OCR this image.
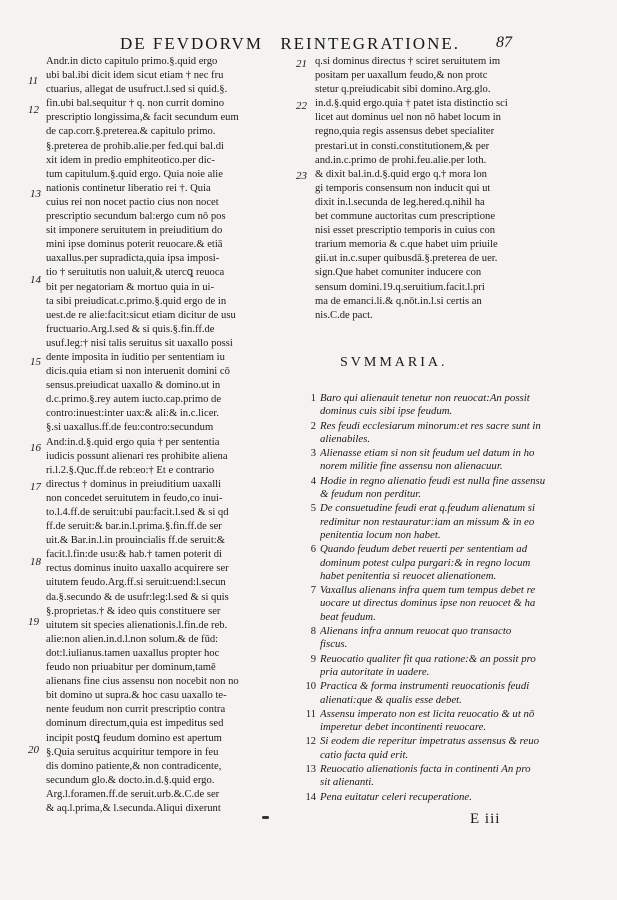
DE FEVDORVM REINTEGRATIONE. 87
Andr.in dicto capitulo primo.§.quid ergo
ubi bal.ibi dicit idem sicut etiam † nec fru
ctuarius, allegat de usufruct.l.sed si quid.§.
fin.ubi bal.sequitur † q. non currit domino
prescriptio longissima,& facit secundum eum
de cap.corr.§.preterea.& capitulo primo.
§.preterea de prohib.alie.per fed.qui bal.di
xit idem in predio emphiteotico.per dic-
tum capitulum.§.quid ergo. Quia noie alie
nationis continetur liberatio rei †. Quia
cuius rei non nocet pactio cius non nocet
prescriptio secundum bal:ergo cum nō pos
sit imponere seruitutem in preiuditium do
mini ipse dominus poterit reuocare.& etiā
uaxallus.per supradicta,quia ipsa imposi-
tio † seruitutis non ualuit,& utercꝗ reuoca
bit per negatoriam & mortuo quia in ui-
ta sibi preiudicat.c.primo.§.quid ergo de in
uest.de re alie:facit:sicut etiam dicitur de usu
fructuario.Arg.l.sed & si quis.§.fin.ff.de
usuf.leg:† nisi talis seruitus sit uaxallo possi
dente imposita in iuditio per sententiam iu
dicis.quia etiam si non interuenit domini cō
sensus.preiudicat uaxallo & domino.ut in
d.c.primo.§.rey autem iucto.cap.primo de
contro:inuest:inter uax:& ali:& in.c.licer.
§.si uaxallus.ff.de feu:contro:secundum
And:in.d.§.quid ergo quia † per sententia
iudicis possunt alienari res prohibite aliena
ri.l.2.§.Quc.ff.de reb:eo:† Et e contrario
directus † dominus in preiuditium uaxalli
non concedet seruitutem in feudo,co inui-
to.l.4.ff.de seruit:ubi pau:facit.l.sed & si qd
ff.de seruit:& bar.in.l.prima.§.fin.ff.de ser
uit.& Bar.in.l.in prouincialis ff.de seruit:&
facit.l.fin:de usu:& hab.† tamen poterit di
rectus dominus inuito uaxallo acquirere ser
uitutem feudo.Arg.ff.si seruit:uend:l.secun
da.§.secundo & de usufr:leg:l.sed & si quis
§.proprietas.† & ideo quis constituere ser
uitutem sit species alienationis.l.fin.de reb.
alie:non alien.in.d.l.non solum.& de fūd:
dot:l.iulianus.tamen uaxallus propter hoc
feudo non priuabitur per dominum,tamē
alienans fine cius assensu non nocebit non no
bit domino ut supra.& hoc casu uaxallo te-
nente feudum non currit prescriptio contra
dominum directum,quia est impeditus sed
incipit postꝗ feudum domino est apertum
§.Quia seruitus acquiritur tempore in feu
dis domino patiente,& non contradicente,
secundum glo.& docto.in.d.§.quid ergo.
Arg.l.foramen.ff.de seruit.urb.&.C.de ser
& aq.l.prima,& l.secunda.Aliqui dixerunt
q.si dominus directus † sciret seruitutem im
positam per uaxallum feudo,& non protc
stetur q.preiudicabit sibi domino.Arg.glo.
in.d.§.quid ergo.quia † patet ista distinctio sci
licet aut dominus uel non nō habet locum in
regno,quia regis assensus debet specialiter
prestari.ut in consti.constitutionem,& per
and.in.c.primo de prohi.feu.alie.per loth.
& dixit bal.in.d.§.quid ergo q.† mora lon
gi temporis consensum non inducit qui ut
dixit in.l.secunda de leg.hered.q.nihil ha
bet commune auctoritas cum prescriptione
nisi esset prescriptio temporis in cuius con
trarium memoria & c.que habet uim priuile
gii.ut in.c.super quibusdā.§.preterea de uer.
sign.Que habet comuniter inducere con
sensum domini.19.q.seruitium.facit.l.pri
ma de emanci.li.& q.nōt.in.l.si certis an
nis.C.de pact.
11
12
13
14
15
16
17
18
19
20
21
22
23
SVMMARIA.
1 Baro qui alienauit tenetur non reuocat:An possit
dominus cuis sibi ipse feudum.
2 Res feudi ecclesiarum minorum:et res sacre sunt in
alienabiles.
3 Alienasse etiam si non sit feudum uel datum in ho
norem militie fine assensu non alienacuur.
4 Hodie in regno alienatio feudi est nulla fine assensu
& feudum non perditur.
5 De consuetudine feudi erat q.feudum alienatum si
redimitur non restauratur:iam an missum & in eo
penitentia locum non habet.
6 Quando feudum debet reuerti per sententiam ad
dominum potest culpa purgari:& in regno locum
habet penitentia si reuocet alienationem.
7 Vaxallus alienans infra quem tum tempus debet re
uocare ut directus dominus ipse non reuocet & ha
beat feudum.
8 Alienans infra annum reuocat quo transacto
fiscus.
9 Reuocatio qualiter fit qua ratione:& an possit pro
pria autoritate in uadere.
10 Practica & forma instrumenti reuocationis feudi
alienati:que & qualis esse debet.
11 Assensu imperato non est licita reuocatio & ut nō
imperetur debet incontinenti reuocare.
12 Si eodem die reperitur impetratus assensus & reuo
catio facta quid erit.
13 Reuocatio alienationis facta in continenti An pro
sit alienanti.
14 Pena euitatur celeri recuperatione.
E iii
